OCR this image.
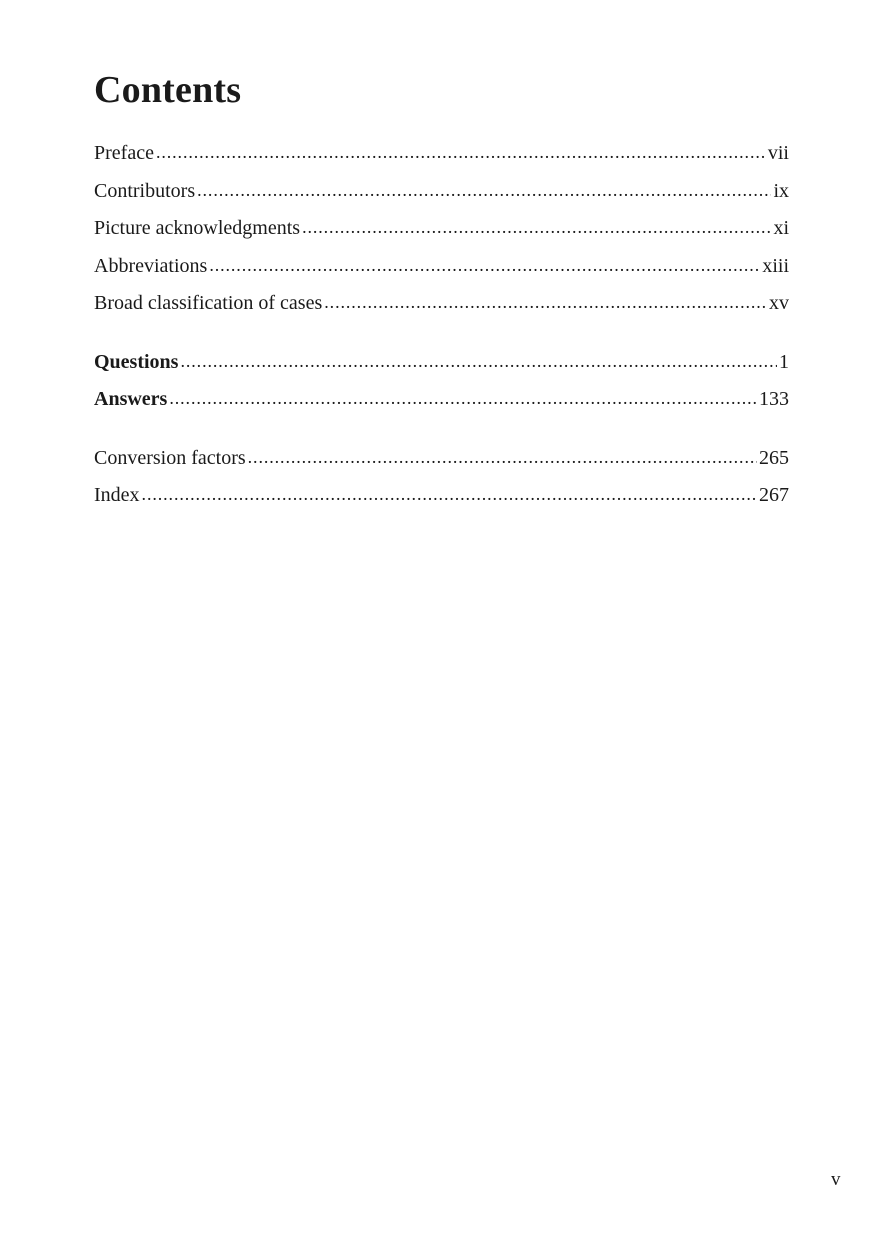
Contents
Preface .....	vii
Contributors .....	ix
Picture acknowledgments .....	xi
Abbreviations .....	xiii
Broad classification of cases .....	xv
Questions .....	1
Answers .....	133
Conversion factors .....	265
Index .....	267
v
